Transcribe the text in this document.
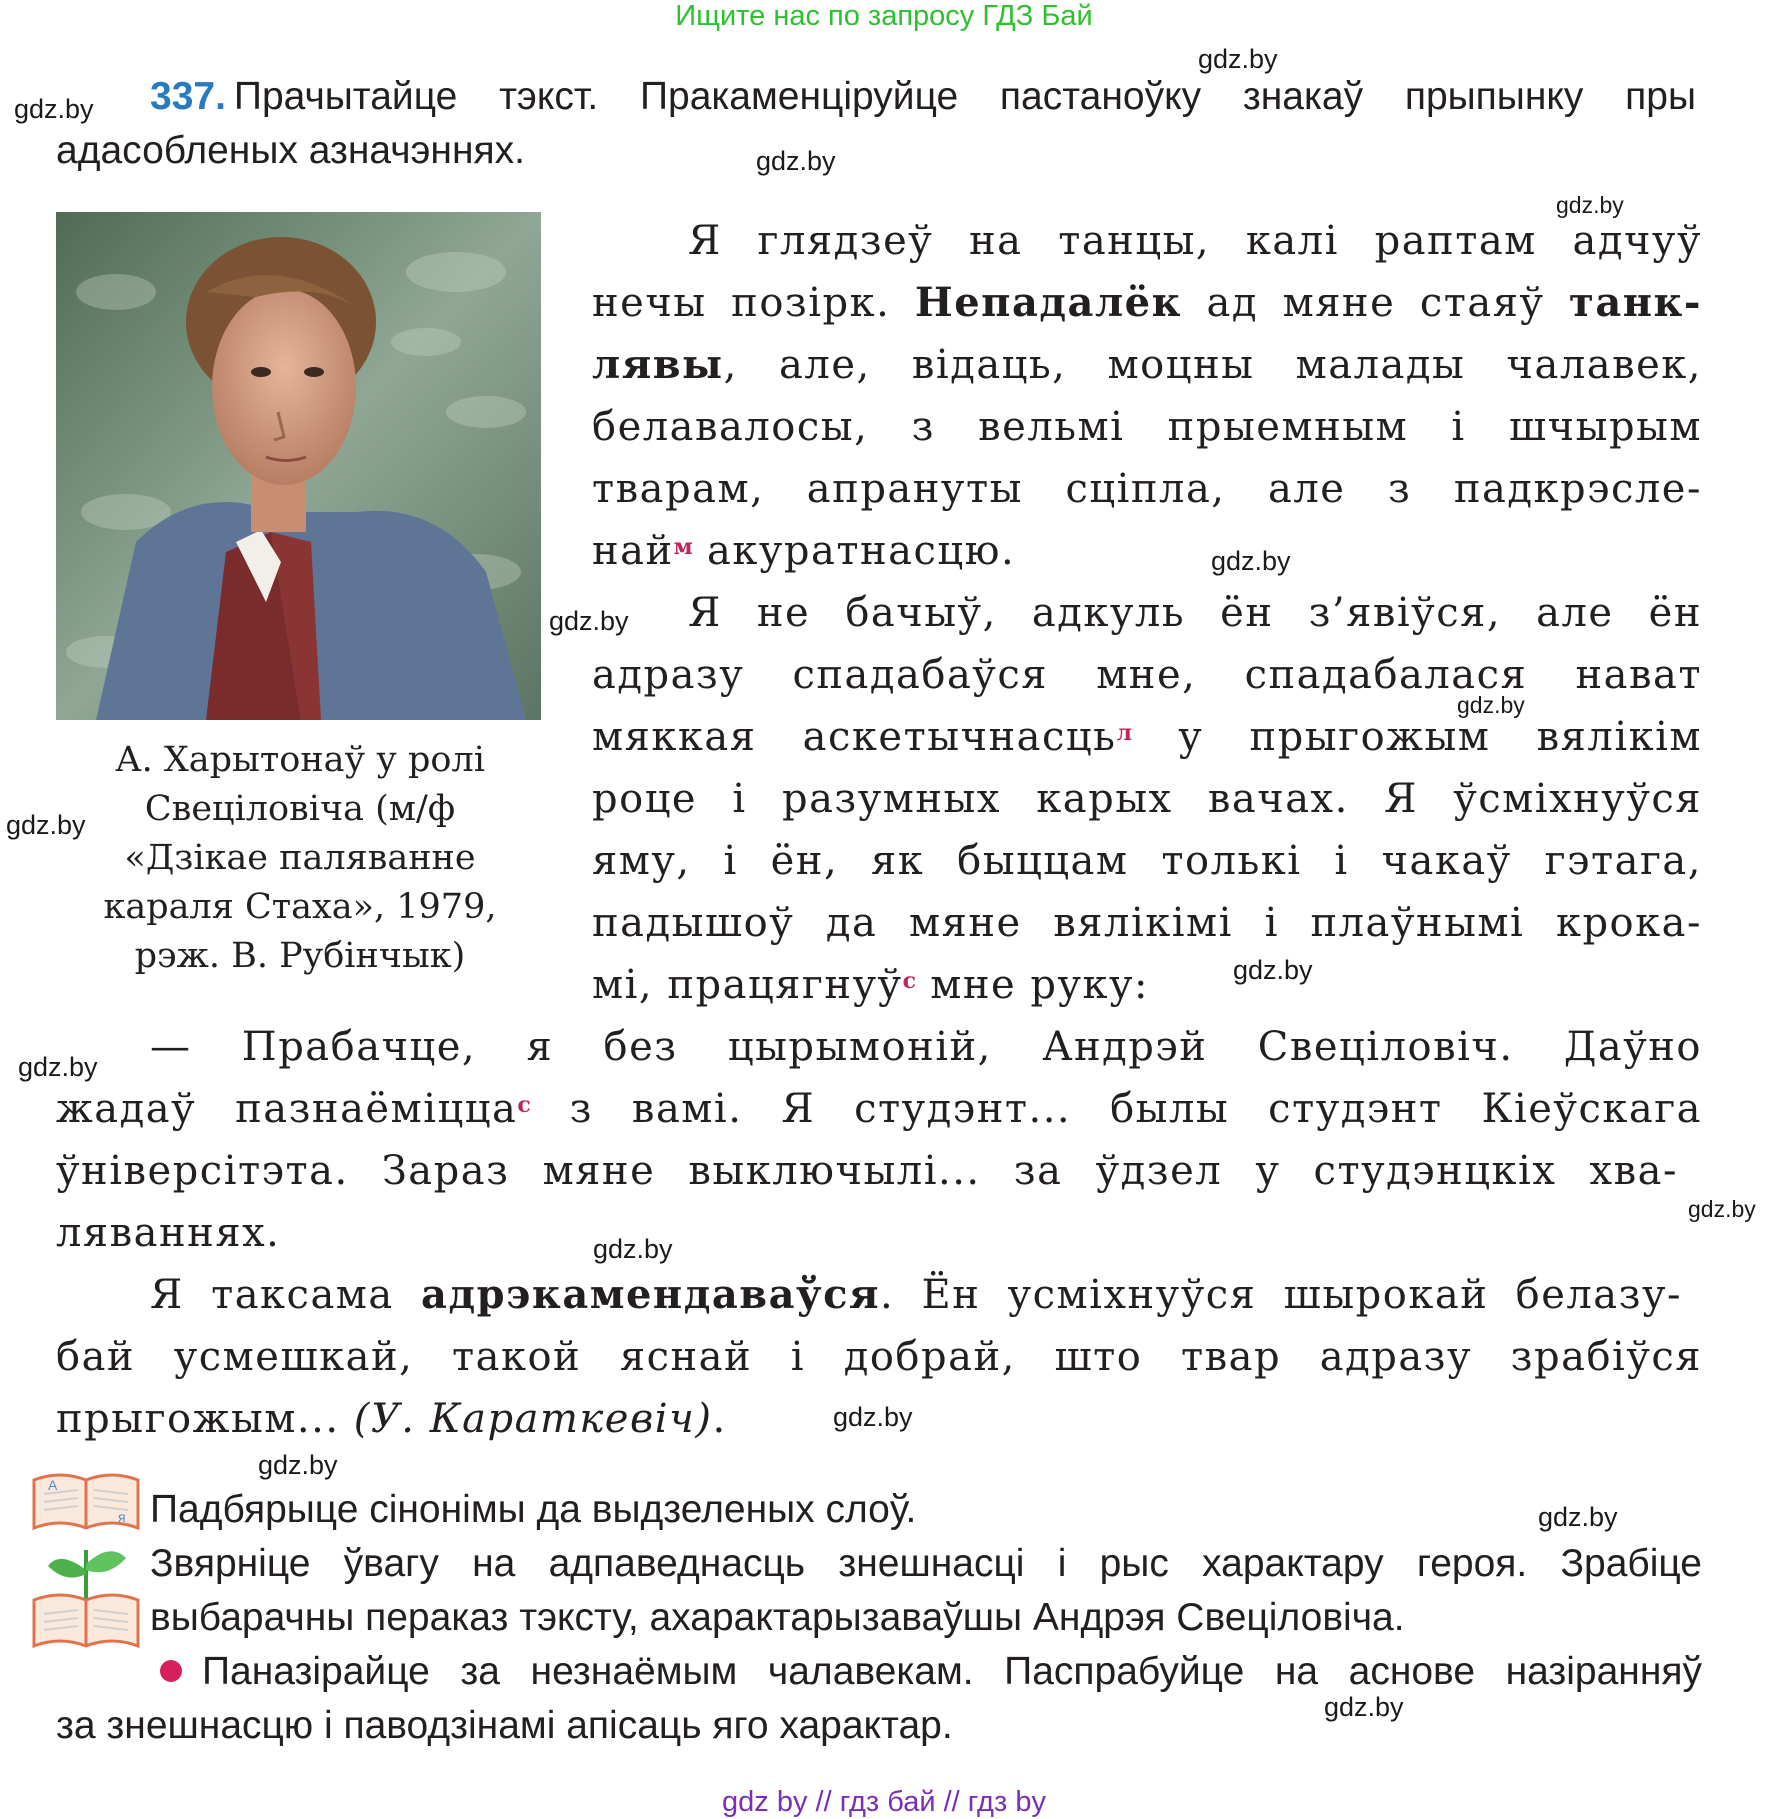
Ищите нас по запросу ГДЗ Бай
gdz.by
gdz.by
gdz.by
gdz.by
gdz.by
gdz.by
gdz.by
gdz.by
gdz.by
gdz.by
gdz.by
gdz.by
gdz.by
gdz.by
gdz.by
gdz.by
337. Прачытайце тэкст. Пракаменціруйце пастаноўку знакаў прыпынку пры
адасобленых азначэннях.
А. Харытонаў у ролі
Свеціловіча (м/ф
«Дзікае паляванне
караля Стаха», 1979,
рэж. В. Рубінчык)
Я глядзеў на танцы, калі раптам адчуў
нечы позірк. Непадалёк ад мяне стаяў танк-
лявы, але, відаць, моцны малады чалавек,
белавалосы, з вельмі прыемным і шчырым
тварам, апрануты сціпла, але з падкрэсле-
най$^м$ акуратнасцю.
Я не бачыў, адкуль ён з’явіўся, але ён
адразу спадабаўся мне, спадабалася нават
мяккая аскетычнасць$^л$ у прыгожым вялікім
роце і разумных карых вачах. Я ўсміхнуўся
яму, і ён, як быццам толькі і чакаў гэтага,
падышоў да мяне вялікімі і плаўнымі крока-
мі, працягнуў$^с$ мне руку:
— Прабачце, я без цырымоній, Андрэй Свеціловіч. Даўно
жадаў пазнаёміцца$^с$ з вамі. Я студэнт... былы студэнт Кіеўскага
ўніверсітэта. Зараз мяне выключылі... за ўдзел у студэнцкіх хва-
ляваннях.
Я таксама адрэкамендаваўся. Ён усміхнуўся шырокай белазу-
бай усмешкай, такой яснай і добрай, што твар адразу зрабіўся
прыгожым... (У. Караткевіч).
А
я Падбярыце сінонімы да выдзеленых слоў.
Звярніце ўвагу на адпаведнасць знешнасці і рыс характару героя. Зрабіце
выбарачны пераказ тэксту, ахарактарызаваўшы Андрэя Свеціловіча.
Паназірайце за незнаёмым чалавекам. Паспрабуйце на аснове назіранняў
за знешнасцю і паводзінамі апісаць яго характар.
gdz by // гдз бай // гдз by
